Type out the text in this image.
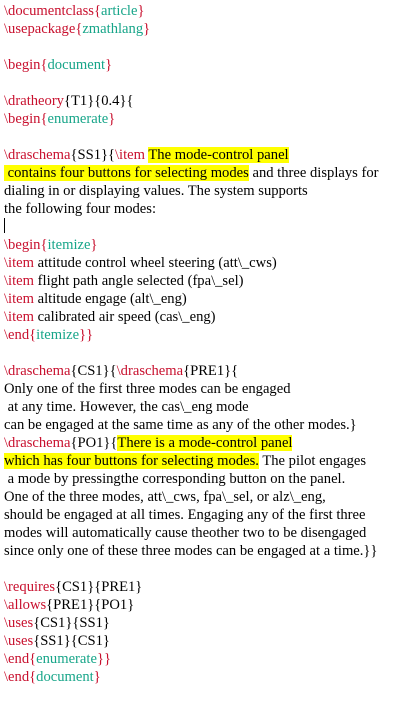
\documentclass{article}
\usepackage{zmathlang}
\begin{document}
\dratheory{T1}{0.4}{
\begin{enumerate}
\draschema{SS1}{\item The mode-control panel
contains four buttons for selecting modes and three displays for
dialing in or displaying values. The system supports
the following four modes:
\begin{itemize}
\item attitude control wheel steering (att\_cws)
\item flight path angle selected (fpa\_sel)
\item altitude engage (alt\_eng)
\item calibrated air speed (cas\_eng)
\end{itemize}}
\draschema{CS1}{\draschema{PRE1}{
Only one of the first three modes can be engaged
at any time. However, the cas\_eng mode
can be engaged at the same time as any of the other modes.}
\draschema{PO1}{There is a mode-control panel
which has four buttons for selecting modes. The pilot engages
a mode by pressingthe corresponding button on the panel.
One of the three modes, att\_cws, fpa\_sel, or alz\_eng,
should be engaged at all times. Engaging any of the first three
modes will automatically cause theother two to be disengaged
since only one of these three modes can be engaged at a time.}}
\requires{CS1}{PRE1}
\allows{PRE1}{PO1}
\uses{CS1}{SS1}
\uses{SS1}{CS1}
\end{enumerate}}
\end{document}
